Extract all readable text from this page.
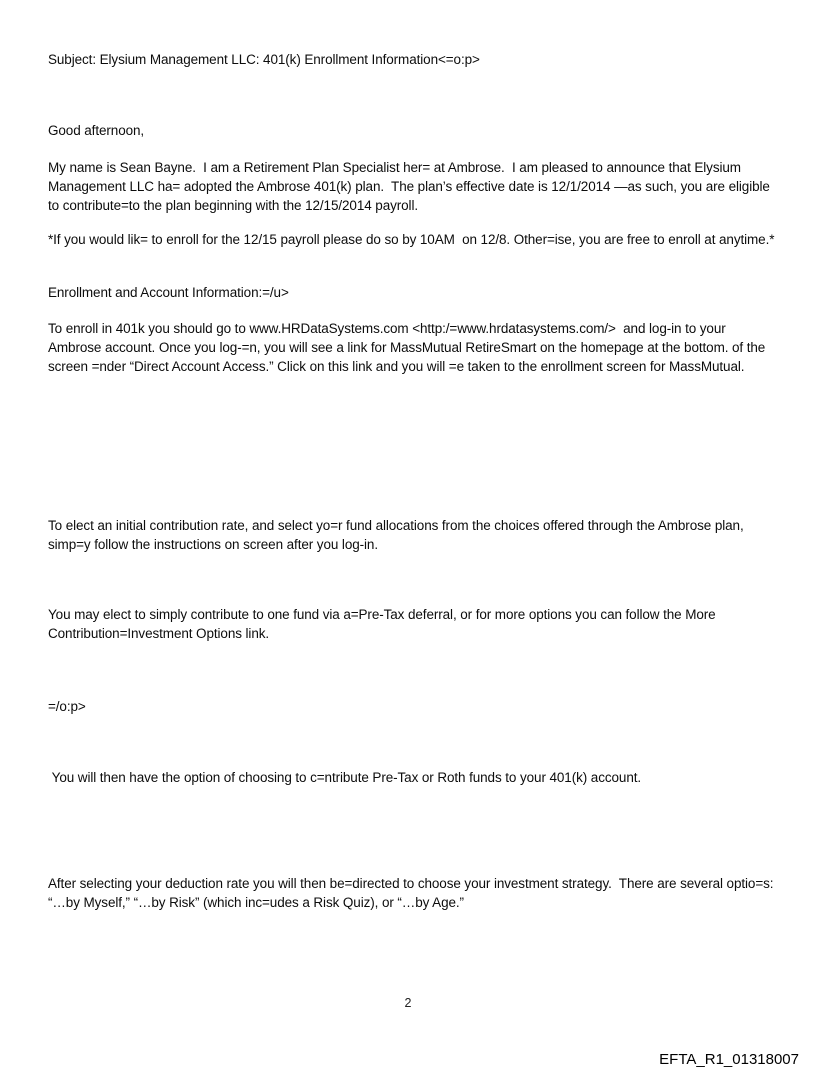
Subject: Elysium Management LLC: 401(k) Enrollment Information<=o:p>
Good afternoon,
My name is Sean Bayne.  I am a Retirement Plan Specialist her= at Ambrose.  I am pleased to announce that Elysium Management LLC ha= adopted the Ambrose 401(k) plan.  The plan’s effective date is 12/1/2014 —as such, you are eligible to contribute=to the plan beginning with the 12/15/2014 payroll.
*If you would lik= to enroll for the 12/15 payroll please do so by 10AM  on 12/8. Other=ise, you are free to enroll at anytime.*
Enrollment and Account Information:=/u>
To enroll in 401k you should go to www.HRDataSystems.com <http:/=www.hrdatasystems.com/>  and log-in to your Ambrose account. Once you log-=n, you will see a link for MassMutual RetireSmart on the homepage at the bottom. of the screen =nder “Direct Account Access.” Click on this link and you will =e taken to the enrollment screen for MassMutual.
To elect an initial contribution rate, and select yo=r fund allocations from the choices offered through the Ambrose plan, simp=y follow the instructions on screen after you log-in.
You may elect to simply contribute to one fund via a=Pre-Tax deferral, or for more options you can follow the More Contribution=Investment Options link.
=/o:p>
You will then have the option of choosing to c=ntribute Pre-Tax or Roth funds to your 401(k) account.
After selecting your deduction rate you will then be=directed to choose your investment strategy.  There are several optio=s: “…by Myself,” “…by Risk” (which inc=udes a Risk Quiz), or “…by Age.”
2
EFTA_R1_01318007
